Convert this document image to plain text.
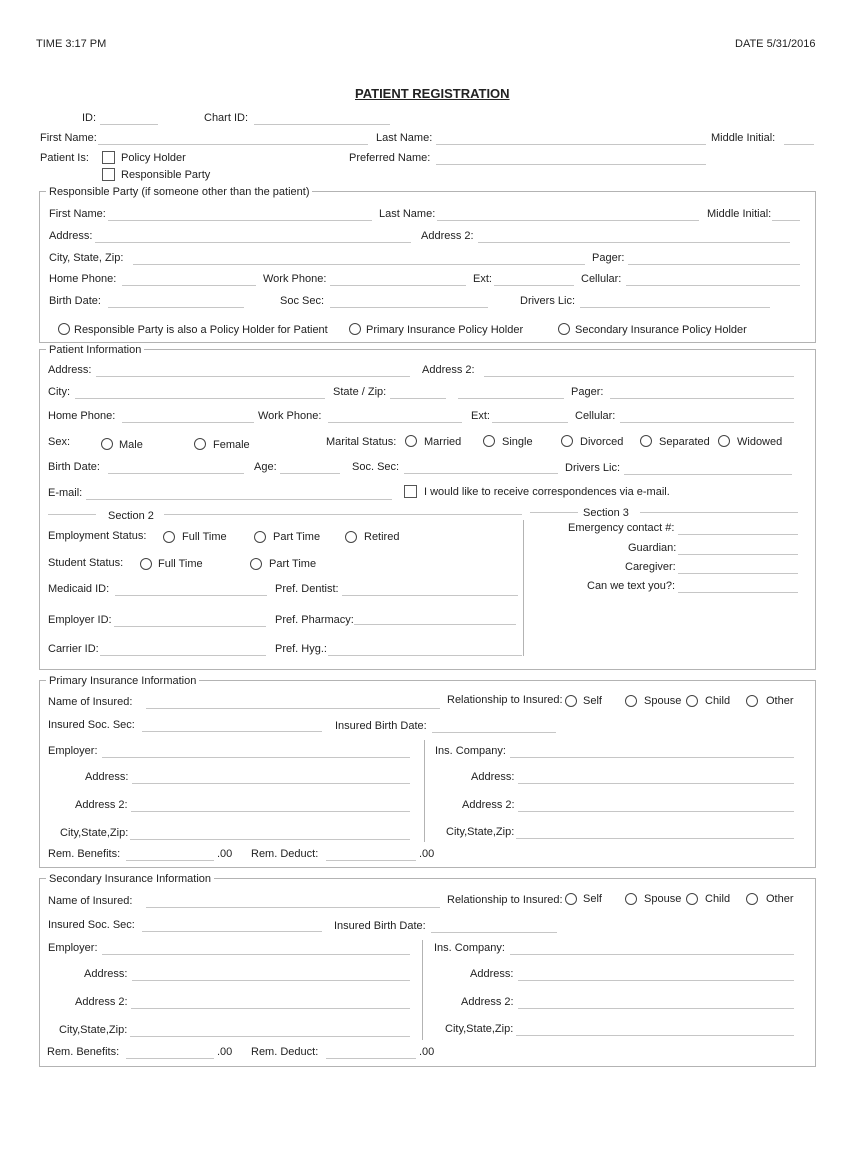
TIME 3:17 PM	DATE 5/31/2016
PATIENT REGISTRATION
ID:	Chart ID:
First Name:	Last Name:	Middle Initial:
Patient Is:	Policy Holder
Responsible Party
Preferred Name:
Responsible Party (if someone other than the patient)
First Name:	Last Name:	Middle Initial:
Address:	Address 2:
City, State, Zip:	Pager:
Home Phone:	Work Phone:	Ext:	Cellular:
Birth Date:	Soc Sec:	Drivers Lic:
Responsible Party is also a Policy Holder for Patient	Primary Insurance Policy Holder	Secondary Insurance Policy Holder
Patient Information
Address:	Address 2:
City:	State / Zip:	Pager:
Home Phone:	Work Phone:	Ext:	Cellular:
Sex:	Male	Female	Marital Status:	Married	Single	Divorced	Separated Widowed
Birth Date:	Age:	Soc. Sec:	Drivers Lic:
E-mail:	I would like to receive correspondences via e-mail.
Section 2
Employment Status:	Full Time	Part Time	Retired
Student Status:	Full Time	Part Time
Medicaid ID:	Pref. Dentist:
Employer ID:	Pref. Pharmacy:
Carrier ID:	Pref. Hyg.:
Section 3
Emergency contact #:
Guardian:
Caregiver:
Can we text you?:
Primary Insurance Information
Name of Insured:	Relationship to Insured: Self	Spouse Child	Other
Insured Soc. Sec:	Insured Birth Date:
Employer:	Ins. Company:
Address:	Address:
Address 2:	Address 2:
City,State,Zip:	City,State,Zip:
Rem. Benefits:	.00 Rem. Deduct:	.00
Secondary Insurance Information
Name of Insured:	Relationship to Insured: Self	Spouse Child	Other
Insured Soc. Sec:	Insured Birth Date:
Employer:	Ins. Company:
Address:	Address:
Address 2:	Address 2:
City,State,Zip:	City,State,Zip:
Rem. Benefits:	.00 Rem. Deduct:	.00
